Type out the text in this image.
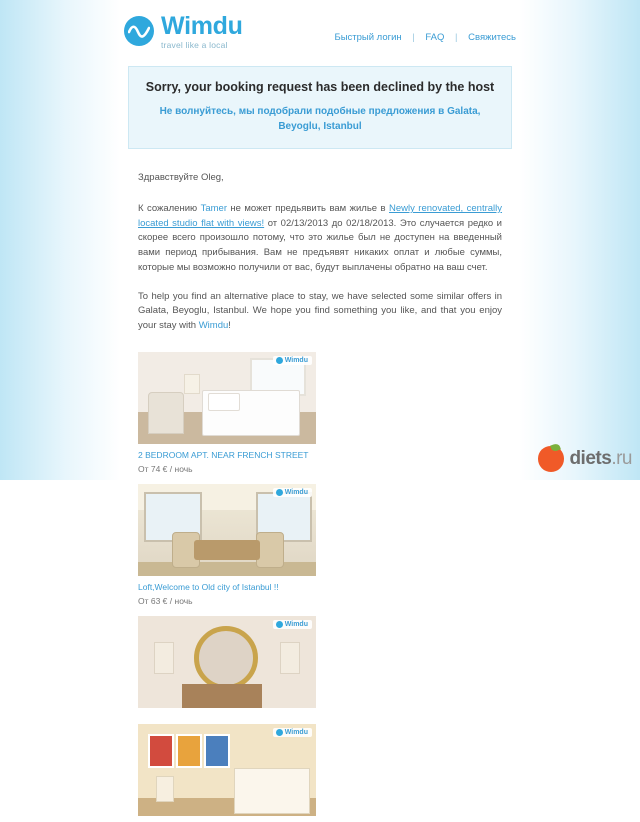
Wimdu
travel like a local
Быстрый логин | FAQ | Свяжитесь
Sorry, your booking request has been declined by the host
Не волнуйтесь, мы подобрали подобные предложения в Galata, Beyoglu, Istanbul

Здравствуйте Oleg,

К сожалению Tamer не может предьявить вам жилье в Newly renovated, centrally located studio flat with views! от 02/13/2013 до 02/18/2013. Это случается редко и скорее всего произошло потому, что это жилье был не доступен на введенный вами период прибывания. Вам не предъявят никаких оплат и любые суммы, которые мы возможно получили от вас, будут выплачены обратно на ваш счет.

To help you find an alternative place to stay, we have selected some similar offers in Galata, Beyoglu, Istanbul. We hope you find something you like, and that you enjoy your stay with Wimdu!

Wimdu
2 BEDROOM APT. NEAR FRENCH STREET
От 74 € / ночь
Wimdu
Loft,Welcome to Old city of Istanbul !!
От 63 € / ночь
Wimdu
Wimdu
diets.ru
